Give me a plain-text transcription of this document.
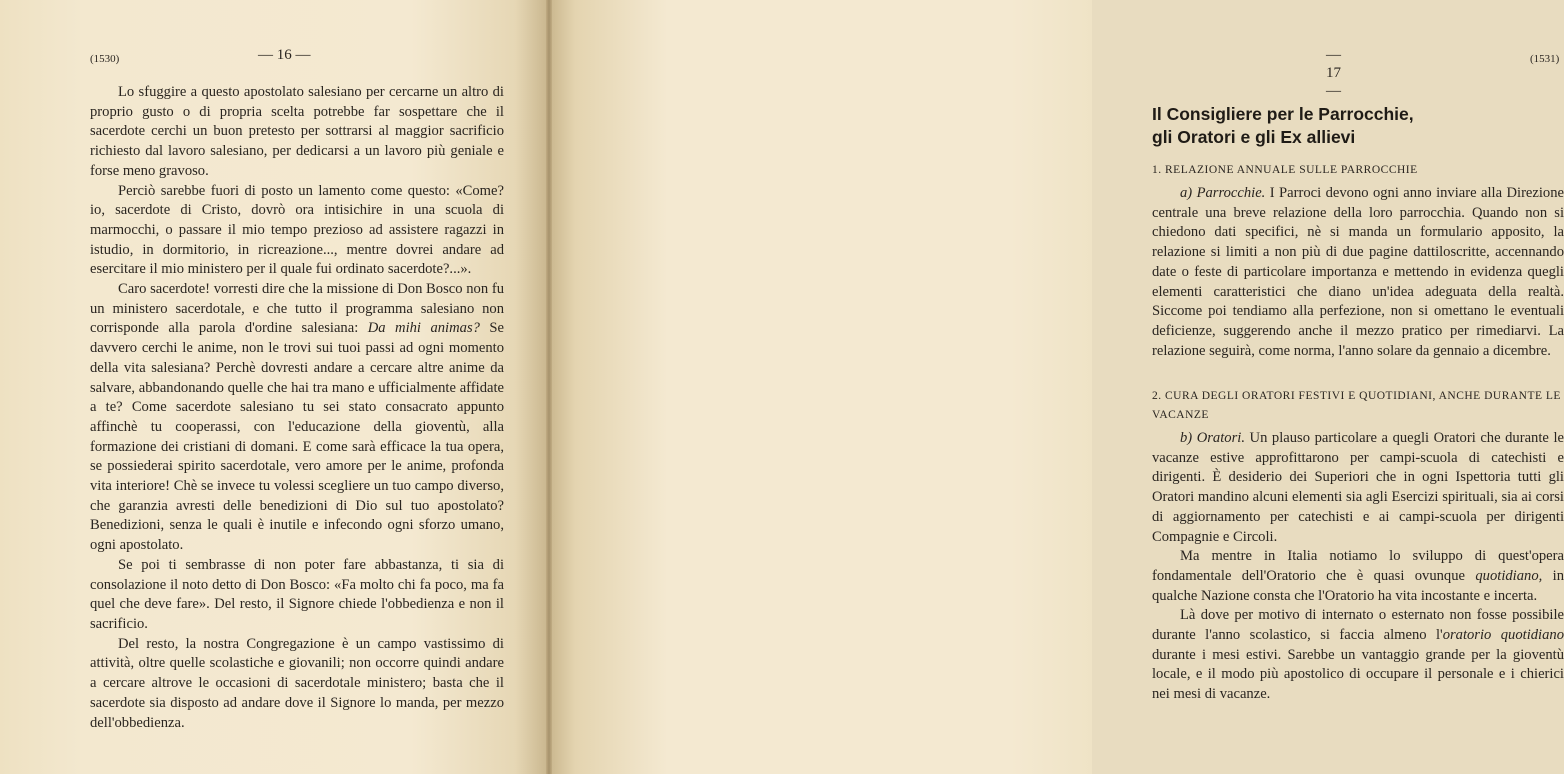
(1530)	— 16 —

Lo sfuggire a questo apostolato salesiano per cercarne un altro di proprio gusto o di propria scelta potrebbe far sospettare che il sacerdote cerchi un buon pretesto per sottrarsi al maggior sacrificio richiesto dal lavoro salesiano, per dedicarsi a un lavoro più geniale e forse meno gravoso.

Perciò sarebbe fuori di posto un lamento come questo: «Come? io, sacerdote di Cristo, dovrò ora intisichire in una scuola di marmocchi, o passare il mio tempo prezioso ad assistere ragazzi in istudio, in dormitorio, in ricreazione..., mentre dovrei andare ad esercitare il mio ministero per il quale fui ordinato sacerdote?...».

Caro sacerdote! vorresti dire che la missione di Don Bosco non fu un ministero sacerdotale, e che tutto il programma salesiano non corrisponde alla parola d'ordine salesiana: Da mihi animas? Se davvero cerchi le anime, non le trovi sui tuoi passi ad ogni momento della vita salesiana? Perchè dovresti andare a cercare altre anime da salvare, abbandonando quelle che hai tra mano e ufficialmente affidate a te? Come sacerdote salesiano tu sei stato consacrato appunto affinchè tu cooperassi, con l'educazione della gioventù, alla formazione dei cristiani di domani. E come sarà efficace la tua opera, se possiederai spirito sacerdotale, vero amore per le anime, profonda vita interiore! Chè se invece tu volessi scegliere un tuo campo diverso, che garanzia avresti delle benedizioni di Dio sul tuo apostolato? Benedizioni, senza le quali è inutile e infecondo ogni sforzo umano, ogni apostolato.

Se poi ti sembrasse di non poter fare abbastanza, ti sia di consolazione il noto detto di Don Bosco: «Fa molto chi fa poco, ma fa quel che deve fare». Del resto, il Signore chiede l'obbedienza e non il sacrificio.

Del resto, la nostra Congregazione è un campo vastissimo di attività, oltre quelle scolastiche e giovanili; non occorre quindi andare a cercare altrove le occasioni di sacerdotale ministero; basta che il sacerdote sia disposto ad andare dove il Signore lo manda, per mezzo dell'obbedienza.

— 17 —
(1531)
Il Consigliere per le Parrocchie,
gli Oratori e gli Ex allievi
1. RELAZIONE ANNUALE SULLE PARROCCHIE

a) Parrocchie. I Parroci devono ogni anno inviare alla Direzione centrale una breve relazione della loro parrocchia. Quando non si chiedono dati specifici, nè si manda un formulario apposito, la relazione si limiti a non più di due pagine dattiloscritte, accennando date o feste di particolare importanza e mettendo in evidenza quegli elementi caratteristici che diano un'idea adeguata della realtà. Siccome poi tendiamo alla perfezione, non si omettano le eventuali deficienze, suggerendo anche il mezzo pratico per rimediarvi. La relazione seguirà, come norma, l'anno solare da gennaio a dicembre.

2. CURA DEGLI ORATORI FESTIVI E QUOTIDIANI, ANCHE DURANTE LE VACANZE

b) Oratori. Un plauso particolare a quegli Oratori che durante le vacanze estive approfittarono per campi-scuola di catechisti e dirigenti. È desiderio dei Superiori che in ogni Ispettoria tutti gli Oratori mandino alcuni elementi sia agli Esercizi spirituali, sia ai corsi di aggiornamento per catechisti e ai campi-scuola per dirigenti Compagnie e Circoli.

Ma mentre in Italia notiamo lo sviluppo di quest'opera fondamentale dell'Oratorio che è quasi ovunque quotidiano, in qualche Nazione consta che l'Oratorio ha vita incostante e incerta.

Là dove per motivo di internato o esternato non fosse possibile durante l'anno scolastico, si faccia almeno l'oratorio quotidiano durante i mesi estivi. Sarebbe un vantaggio grande per la gioventù locale, e il modo più apostolico di occupare il personale e i chierici nei mesi di vacanze.
